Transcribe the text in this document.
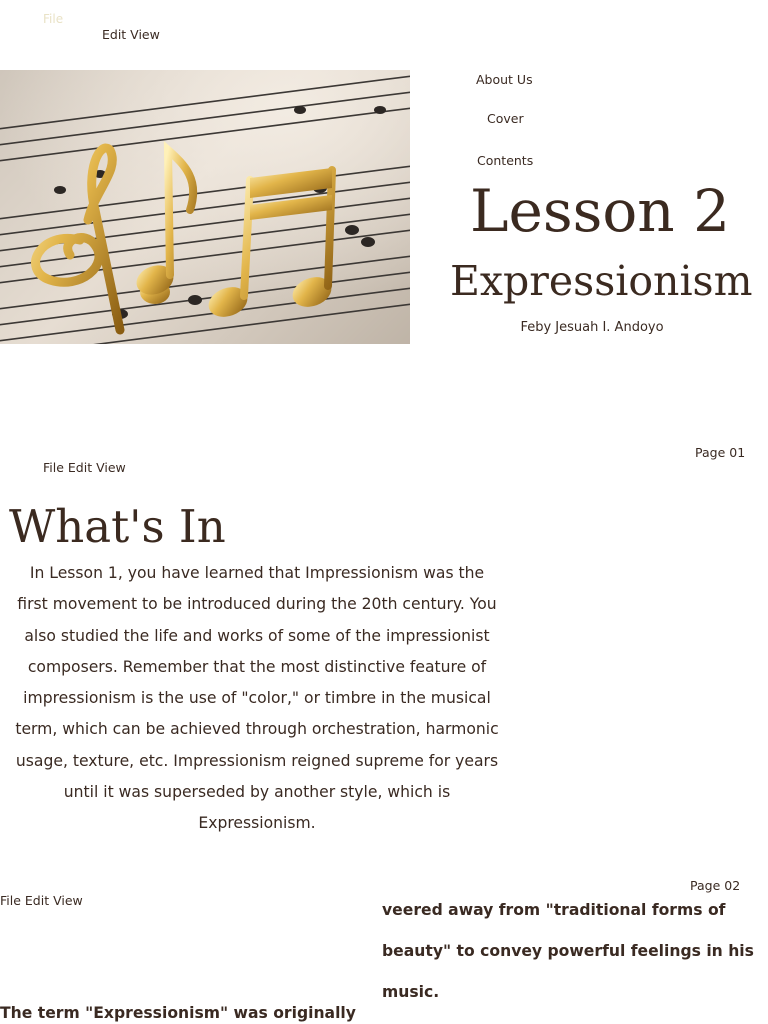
File
Edit View
About Us
Cover
Contents
Lesson 2
Expressionism
Feby Jesuah I. Andoyo
Page 01
File Edit View
What's In
In Lesson 1, you have learned that Impressionism was the first movement to be introduced during the 20th century. You also studied the life and works of some of the impressionist composers. Remember that the most distinctive feature of impressionism is the use of "color," or timbre in the musical term, which can be achieved through orchestration, harmonic usage, texture, etc. Impressionism reigned supreme for years until it was superseded by another style, which is Expressionism.
Page 02
File Edit View
veered away from "traditional forms of beauty" to convey powerful feelings in his music.
The term "Expressionism" was originally
